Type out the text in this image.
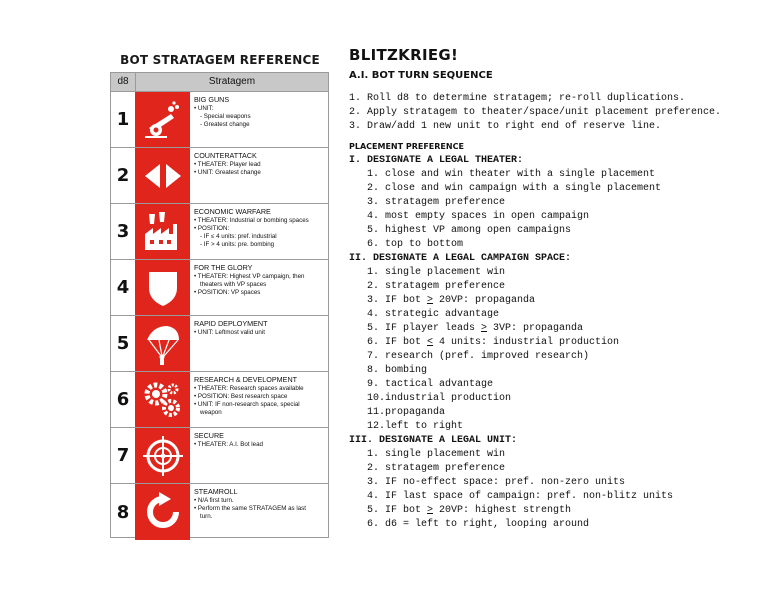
BOT STRATAGEM REFERENCE
d8	Stratagem
1
BIG GUNS
• UNIT:
- Special weapons
- Greatest change
2
COUNTERATTACK
• THEATER: Player lead
• UNIT: Greatest change
3
ECONOMIC WARFARE
• THEATER: Industrial or bombing spaces
• POSITION:
- IF ≤ 4 units: pref. industrial
- IF > 4 units: pre. bombing
4
FOR THE GLORY
• THEATER: Highest VP campaign, then
theaters with VP spaces
• POSITION: VP spaces
5
RAPID DEPLOYMENT
• UNIT: Leftmost valid unit
6
RESEARCH & DEVELOPMENT
• THEATER: Research spaces available
• POSITION: Best research space
• UNIT: IF non-research space, special
weapon
7
SECURE
• THEATER: A.I. Bot lead
8
STEAMROLL
• N/A first turn.
• Perform the same STRATAGEM as last
turn.
BLITZKRIEG!
A.I. BOT TURN SEQUENCE
1. Roll d8 to determine stratagem; re-roll duplications.
2. Apply stratagem to theater/space/unit placement preference.
3. Draw/add 1 new unit to right end of reserve line.
PLACEMENT PREFERENCE
I. DESIGNATE A LEGAL THEATER:
1. close and win theater with a single placement
2. close and win campaign with a single placement
3. stratagem preference
4. most empty spaces in open campaign
5. highest VP among open campaigns
6. top to bottom
II. DESIGNATE A LEGAL CAMPAIGN SPACE:
1. single placement win
2. stratagem preference
3. IF bot > 20VP: propaganda
4. strategic advantage
5. IF player leads > 3VP: propaganda
6. IF bot < 4 units: industrial production
7. research (pref. improved research)
8. bombing
9. tactical advantage
10.industrial production
11.propaganda
12.left to right
III. DESIGNATE A LEGAL UNIT:
1. single placement win
2. stratagem preference
3. IF no-effect space: pref. non-zero units
4. IF last space of campaign: pref. non-blitz units
5. IF bot > 20VP: highest strength
6. d6 = left to right, looping around
